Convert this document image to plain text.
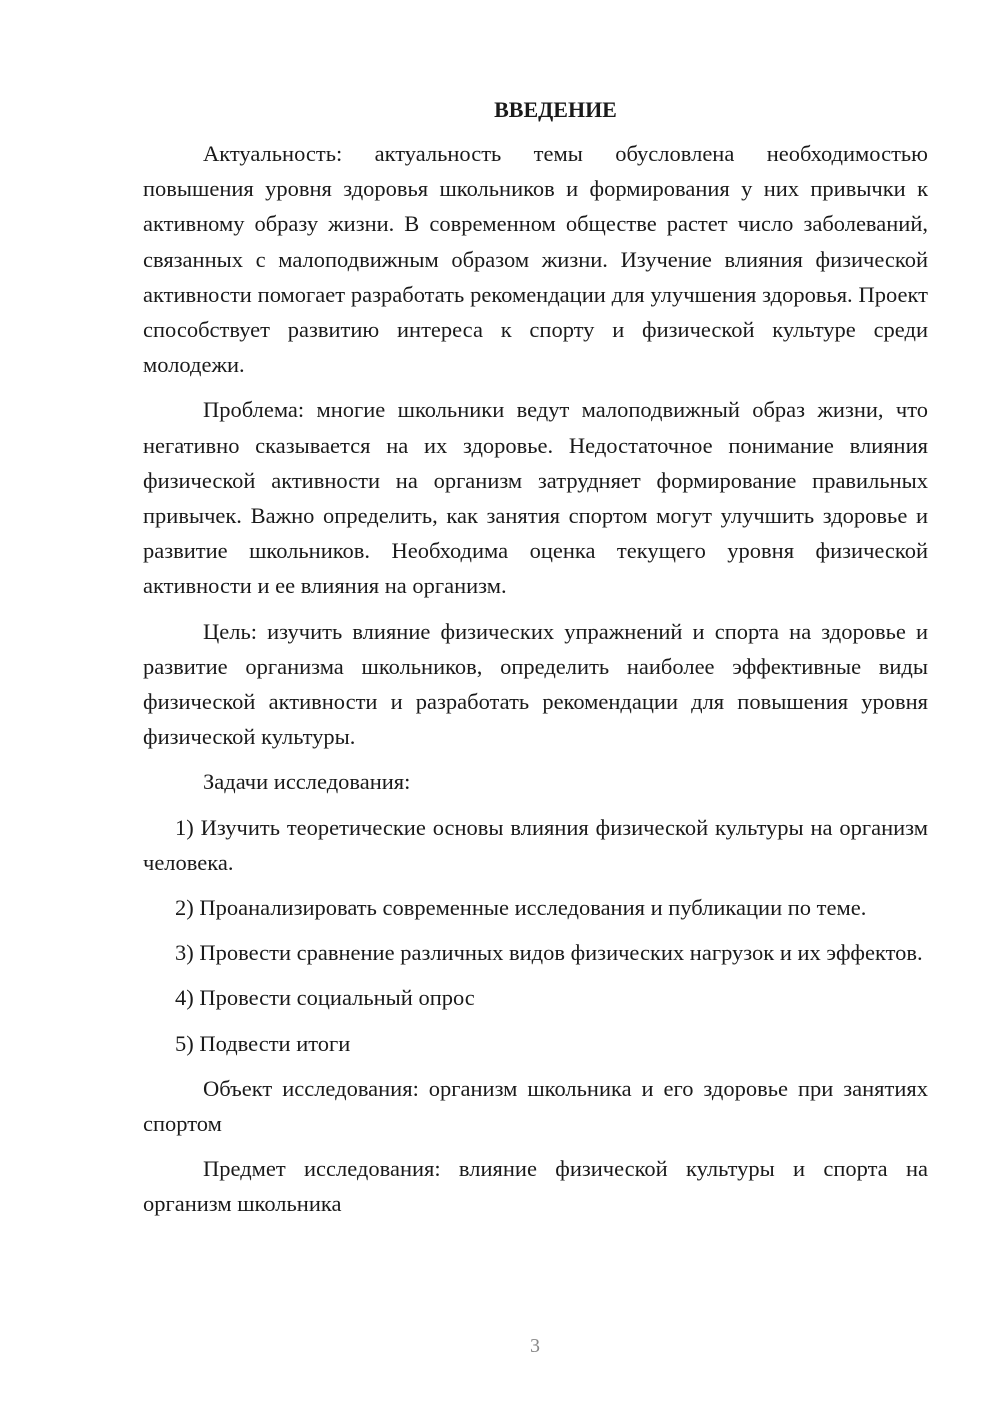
ВВЕДЕНИЕ

Актуальность: актуальность темы обусловлена необходимостью повышения уровня здоровья школьников и формирования у них привычки к активному образу жизни. В современном обществе растет число заболеваний, связанных с малоподвижным образом жизни. Изучение влияния физической активности помогает разработать рекомендации для улучшения здоровья. Проект способствует развитию интереса к спорту и физической культуре среди молодежи.

Проблема: многие школьники ведут малоподвижный образ жизни, что негативно сказывается на их здоровье. Недостаточное понимание влияния физической активности на организм затрудняет формирование правильных привычек. Важно определить, как занятия спортом могут улучшить здоровье и развитие школьников. Необходима оценка текущего уровня физической активности и ее влияния на организм.

Цель: изучить влияние физических упражнений и спорта на здоровье и развитие организма школьников, определить наиболее эффективные виды физической активности и разработать рекомендации для повышения уровня физической культуры.

Задачи исследования:

1) Изучить теоретические основы влияния физической культуры на организм человека.

2) Проанализировать современные исследования и публикации по теме.

3) Провести сравнение различных видов физических нагрузок и их эффектов.

4) Провести социальный опрос

5) Подвести итоги

Объект исследования: организм школьника и его здоровье при занятиях спортом

Предмет исследования: влияние физической культуры и спорта на организм школьника

3
